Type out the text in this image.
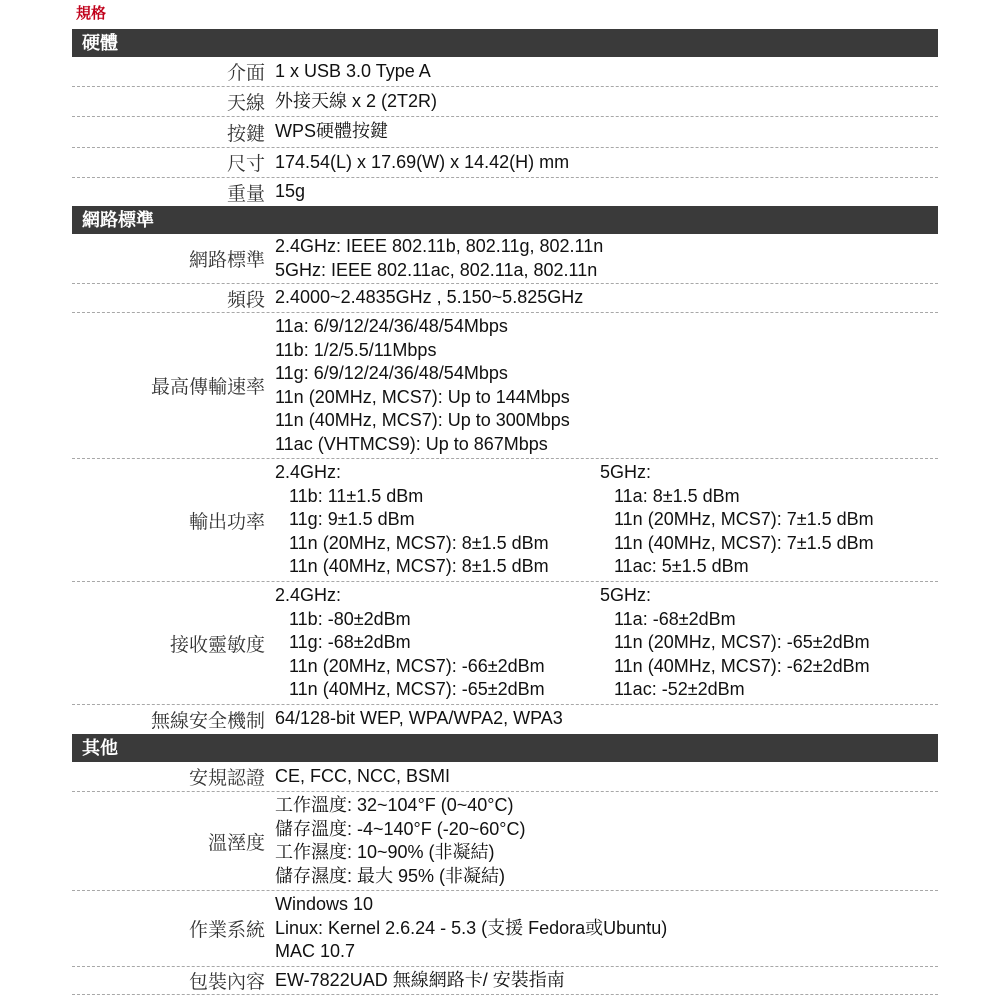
規格
硬體
介面 1 x USB 3.0 Type A
天線 外接天線 x 2 (2T2R)
按鍵 WPS硬體按鍵
尺寸 174.54(L) x 17.69(W) x 14.42(H) mm
重量 15g
網路標準
網路標準
2.4GHz: IEEE 802.11b, 802.11g, 802.11n
5GHz: IEEE 802.11ac, 802.11a, 802.11n
頻段 2.4000~2.4835GHz , 5.150~5.825GHz
最高傳輸速率
11a: 6/9/12/24/36/48/54Mbps
11b: 1/2/5.5/11Mbps
11g: 6/9/12/24/36/48/54Mbps
11n (20MHz, MCS7): Up to 144Mbps
11n (40MHz, MCS7): Up to 300Mbps
11ac (VHTMCS9): Up to 867Mbps
輸出功率
2.4GHz:
11b: 11±1.5 dBm
11g: 9±1.5 dBm
11n (20MHz, MCS7): 8±1.5 dBm
11n (40MHz, MCS7): 8±1.5 dBm
5GHz:
11a: 8±1.5 dBm
11n (20MHz, MCS7): 7±1.5 dBm
11n (40MHz, MCS7): 7±1.5 dBm
11ac: 5±1.5 dBm
接收靈敏度
2.4GHz:
11b: -80±2dBm
11g: -68±2dBm
11n (20MHz, MCS7): -66±2dBm
11n (40MHz, MCS7): -65±2dBm
5GHz:
11a: -68±2dBm
11n (20MHz, MCS7): -65±2dBm
11n (40MHz, MCS7): -62±2dBm
11ac: -52±2dBm
無線安全機制 64/128-bit WEP, WPA/WPA2, WPA3
其他
安規認證 CE, FCC, NCC, BSMI
溫溼度
工作溫度: 32~104°F (0~40°C)
儲存溫度: -4~140°F (-20~60°C)
工作濕度: 10~90% (非凝結)
儲存濕度: 最大 95% (非凝結)
作業系統
Windows 10
Linux: Kernel 2.6.24 - 5.3 (支援 Fedora或Ubuntu)
MAC 10.7
包裝內容 EW-7822UAD 無線網路卡/ 安裝指南
